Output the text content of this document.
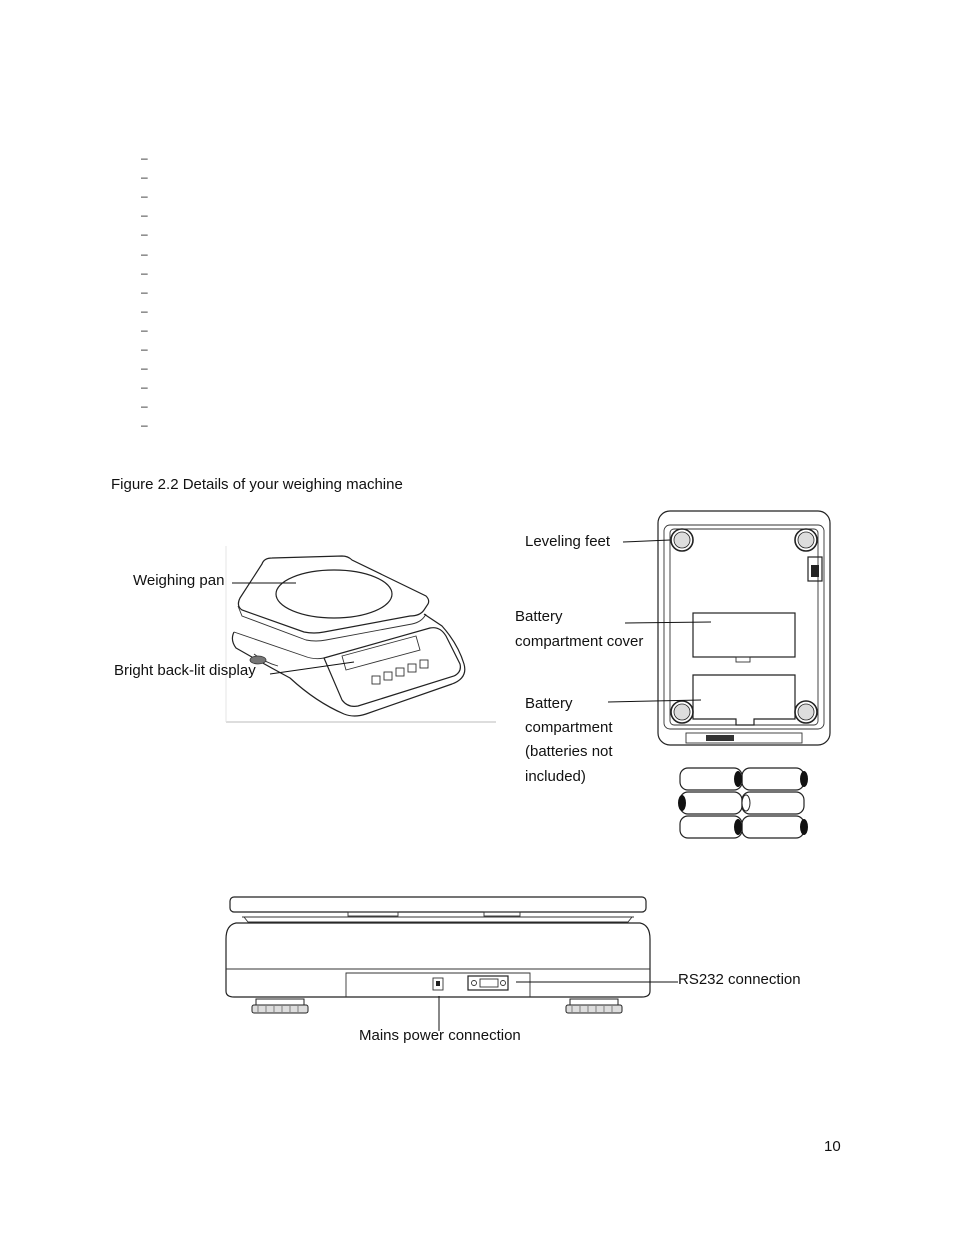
–
–
–
–
–
–
–
–
–
–
–
–
–
–
–
Figure 2.2 Details of your weighing machine
Weighing pan
Bright back-lit display
Leveling feet
Battery
compartment cover
Battery
compartment
(batteries not
included)
RS232 connection
Mains power connection
10
